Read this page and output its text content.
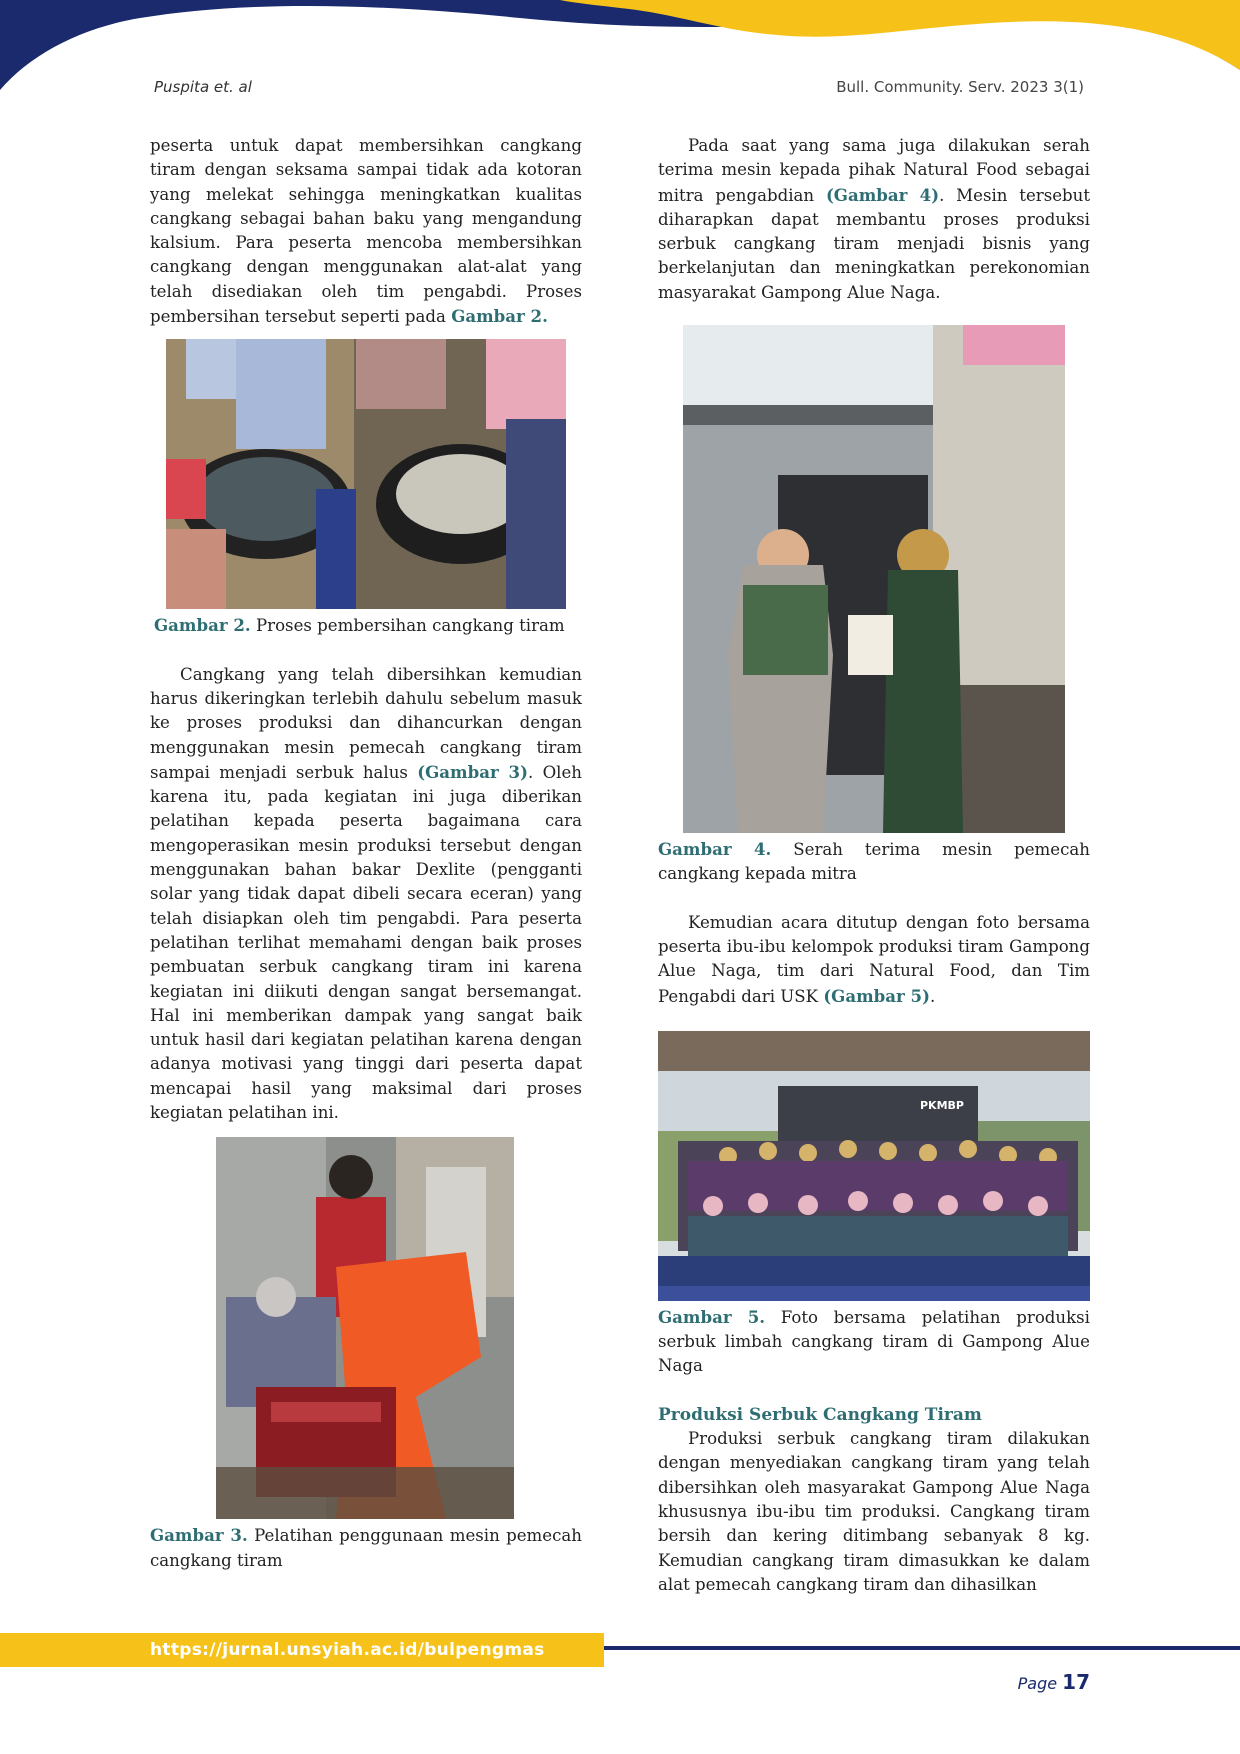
Puspita et. al	Bull. Community. Serv. 2023 3(1)

peserta untuk dapat membersihkan cangkang tiram dengan seksama sampai tidak ada kotoran yang melekat sehingga meningkatkan kualitas cangkang sebagai bahan baku yang mengandung kalsium. Para peserta mencoba membersihkan cangkang dengan menggunakan alat-alat yang telah disediakan oleh tim pengabdi. Proses pembersihan tersebut seperti pada Gambar 2.

Gambar 2. Proses pembersihan cangkang tiram

Cangkang yang telah dibersihkan kemudian harus dikeringkan terlebih dahulu sebelum masuk ke proses produksi dan dihancurkan dengan menggunakan mesin pemecah cangkang tiram sampai menjadi serbuk halus (Gambar 3). Oleh karena itu, pada kegiatan ini juga diberikan pelatihan kepada peserta bagaimana cara mengoperasikan mesin produksi tersebut dengan menggunakan bahan bakar Dexlite (pengganti solar yang tidak dapat dibeli secara eceran) yang telah disiapkan oleh tim pengabdi. Para peserta pelatihan terlihat memahami dengan baik proses pembuatan serbuk cangkang tiram ini karena kegiatan ini diikuti dengan sangat bersemangat. Hal ini memberikan dampak yang sangat baik untuk hasil dari kegiatan pelatihan karena dengan adanya motivasi yang tinggi dari peserta dapat mencapai hasil yang maksimal dari proses kegiatan pelatihan ini.

Gambar 3. Pelatihan penggunaan mesin pemecah cangkang tiram

Pada saat yang sama juga dilakukan serah terima mesin kepada pihak Natural Food sebagai mitra pengabdian (Gambar 4). Mesin tersebut diharapkan dapat membantu proses produksi serbuk cangkang tiram menjadi bisnis yang berkelanjutan dan meningkatkan perekonomian masyarakat Gampong Alue Naga.

Gambar 4. Serah terima mesin pemecah cangkang kepada mitra

Kemudian acara ditutup dengan foto bersama peserta ibu-ibu kelompok produksi tiram Gampong Alue Naga, tim dari Natural Food, dan Tim Pengabdi dari USK (Gambar 5).

PKMBP
Gambar 5. Foto bersama pelatihan produksi serbuk limbah cangkang tiram di Gampong Alue Naga
Produksi Serbuk Cangkang Tiram

Produksi serbuk cangkang tiram dilakukan dengan menyediakan cangkang tiram yang telah dibersihkan oleh masyarakat Gampong Alue Naga khususnya ibu-ibu tim produksi. Cangkang tiram bersih dan kering ditimbang sebanyak 8 kg. Kemudian cangkang tiram dimasukkan ke dalam alat pemecah cangkang tiram dan dihasilkan

https://jurnal.unsyiah.ac.id/bulpengmas
Page 17
